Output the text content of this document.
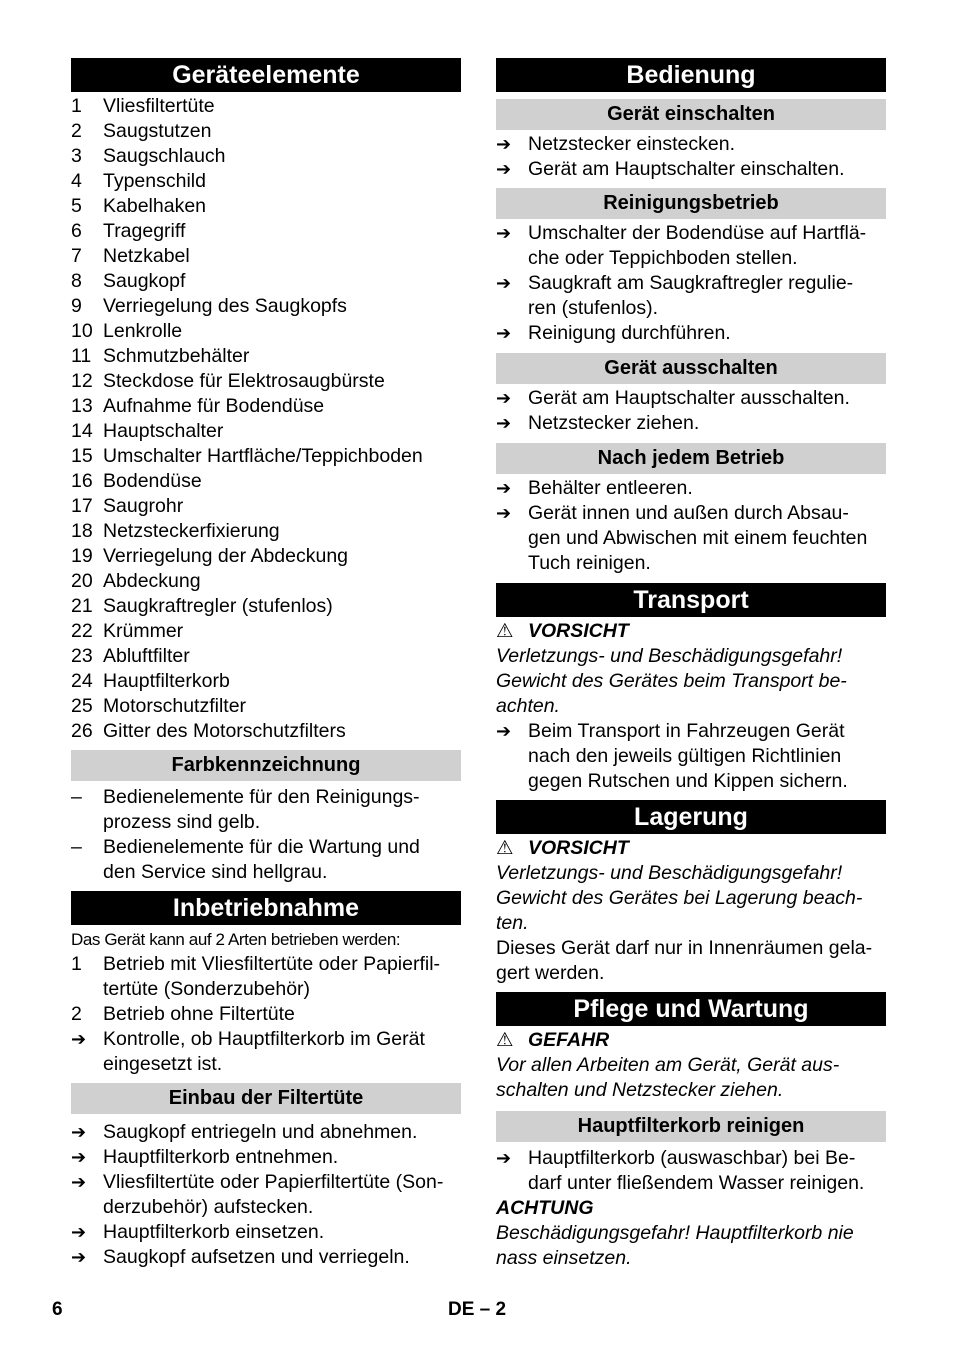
Geräteelemente
1	Vliesfiltertüte
2	Saugstutzen
3	Saugschlauch
4	Typenschild
5	Kabelhaken
6	Tragegriff
7	Netzkabel
8	Saugkopf
9	Verriegelung des Saugkopfs
10 Lenkrolle
11 Schmutzbehälter
12 Steckdose für Elektrosaugbürste
13 Aufnahme für Bodendüse
14 Hauptschalter
15 Umschalter Hartfläche/Teppichboden
16 Bodendüse
17 Saugrohr
18 Netzsteckerfixierung
19 Verriegelung der Abdeckung
20 Abdeckung
21 Saugkraftregler (stufenlos)
22 Krümmer
23 Abluftfilter
24 Hauptfilterkorb
25 Motorschutzfilter
26 Gitter des Motorschutzfilters
Farbkennzeichnung
–	Bedienelemente für den Reinigungs-
prozess sind gelb.
–	Bedienelemente für die Wartung und
den Service sind hellgrau.
Inbetriebnahme
Das Gerät kann auf 2 Arten betrieben werden:
1	Betrieb mit Vliesfiltertüte oder Papierfil-
tertüte (Sonderzubehör)
2	Betrieb ohne Filtertüte
➔ Kontrolle, ob Hauptfilterkorb im Gerät
eingesetzt ist.
Einbau der Filtertüte
➔ Saugkopf entriegeln und abnehmen.
➔ Hauptfilterkorb entnehmen.
➔ Vliesfiltertüte oder Papierfiltertüte (Son-
derzubehör) aufstecken.
➔ Hauptfilterkorb einsetzen.
➔ Saugkopf aufsetzen und verriegeln.
Bedienung
Gerät einschalten
➔ Netzstecker einstecken.
➔ Gerät am Hauptschalter einschalten.
Reinigungsbetrieb
➔ Umschalter der Bodendüse auf Hartflä-
che oder Teppichboden stellen.
➔ Saugkraft am Saugkraftregler regulie-
ren (stufenlos).
➔ Reinigung durchführen.
Gerät ausschalten
➔ Gerät am Hauptschalter ausschalten.
➔ Netzstecker ziehen.
Nach jedem Betrieb
➔ Behälter entleeren.
➔ Gerät innen und außen durch Absau-
gen und Abwischen mit einem feuchten
Tuch reinigen.
Transport
⚠ VORSICHT
Verletzungs- und Beschädigungsgefahr!
Gewicht des Gerätes beim Transport be-
achten.
➔ Beim Transport in Fahrzeugen Gerät
nach den jeweils gültigen Richtlinien
gegen Rutschen und Kippen sichern.
Lagerung
⚠ VORSICHT
Verletzungs- und Beschädigungsgefahr!
Gewicht des Gerätes bei Lagerung beach-
ten.
Dieses Gerät darf nur in Innenräumen gela-
gert werden.
Pflege und Wartung
⚠ GEFAHR
Vor allen Arbeiten am Gerät, Gerät aus-
schalten und Netzstecker ziehen.
Hauptfilterkorb reinigen
➔ Hauptfilterkorb (auswaschbar) bei Be-
darf unter fließendem Wasser reinigen.
ACHTUNG
Beschädigungsgefahr! Hauptfilterkorb nie
nass einsetzen.
6	DE – 2
